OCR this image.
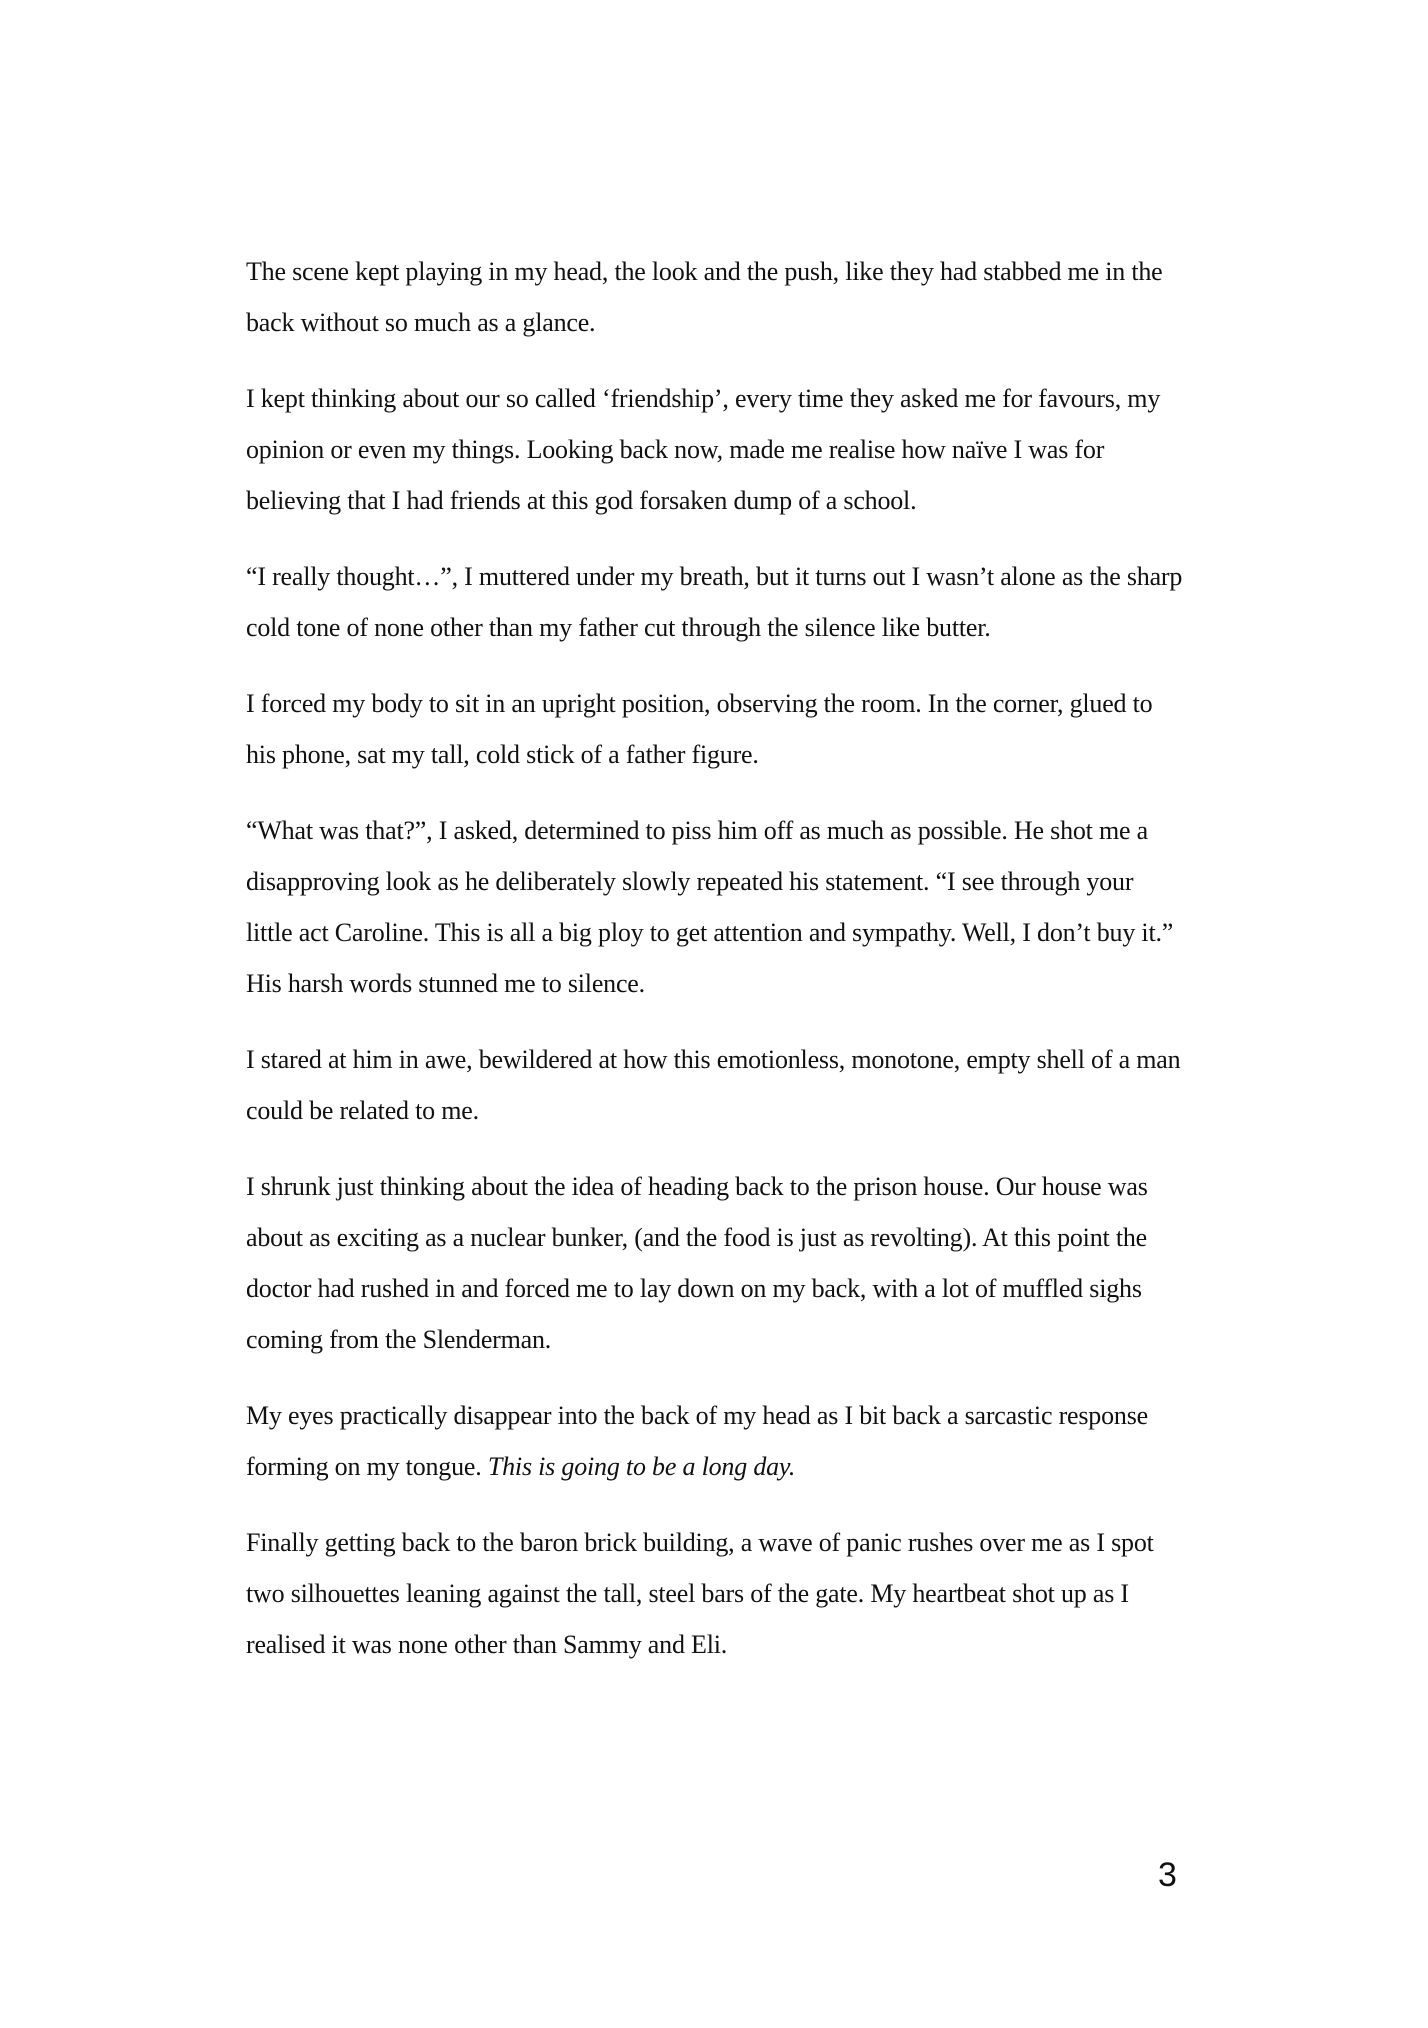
The scene kept playing in my head, the look and the push, like they had stabbed me in the back without so much as a glance.

I kept thinking about our so called ‘friendship’, every time they asked me for favours, my opinion or even my things. Looking back now, made me realise how naïve I was for believing that I had friends at this god forsaken dump of a school.

“I really thought…”, I muttered under my breath, but it turns out I wasn’t alone as the sharp cold tone of none other than my father cut through the silence like butter.

I forced my body to sit in an upright position, observing the room. In the corner, glued to his phone, sat my tall, cold stick of a father figure.

“What was that?”, I asked, determined to piss him off as much as possible. He shot me a disapproving look as he deliberately slowly repeated his statement. “I see through your little act Caroline. This is all a big ploy to get attention and sympathy. Well, I don’t buy it.” His harsh words stunned me to silence.

I stared at him in awe, bewildered at how this emotionless, monotone, empty shell of a man could be related to me.

I shrunk just thinking about the idea of heading back to the prison house. Our house was about as exciting as a nuclear bunker, (and the food is just as revolting). At this point the doctor had rushed in and forced me to lay down on my back, with a lot of muffled sighs coming from the Slenderman.

My eyes practically disappear into the back of my head as I bit back a sarcastic response forming on my tongue. This is going to be a long day.

Finally getting back to the baron brick building, a wave of panic rushes over me as I spot two silhouettes leaning against the tall, steel bars of the gate. My heartbeat shot up as I realised it was none other than Sammy and Eli.

3
